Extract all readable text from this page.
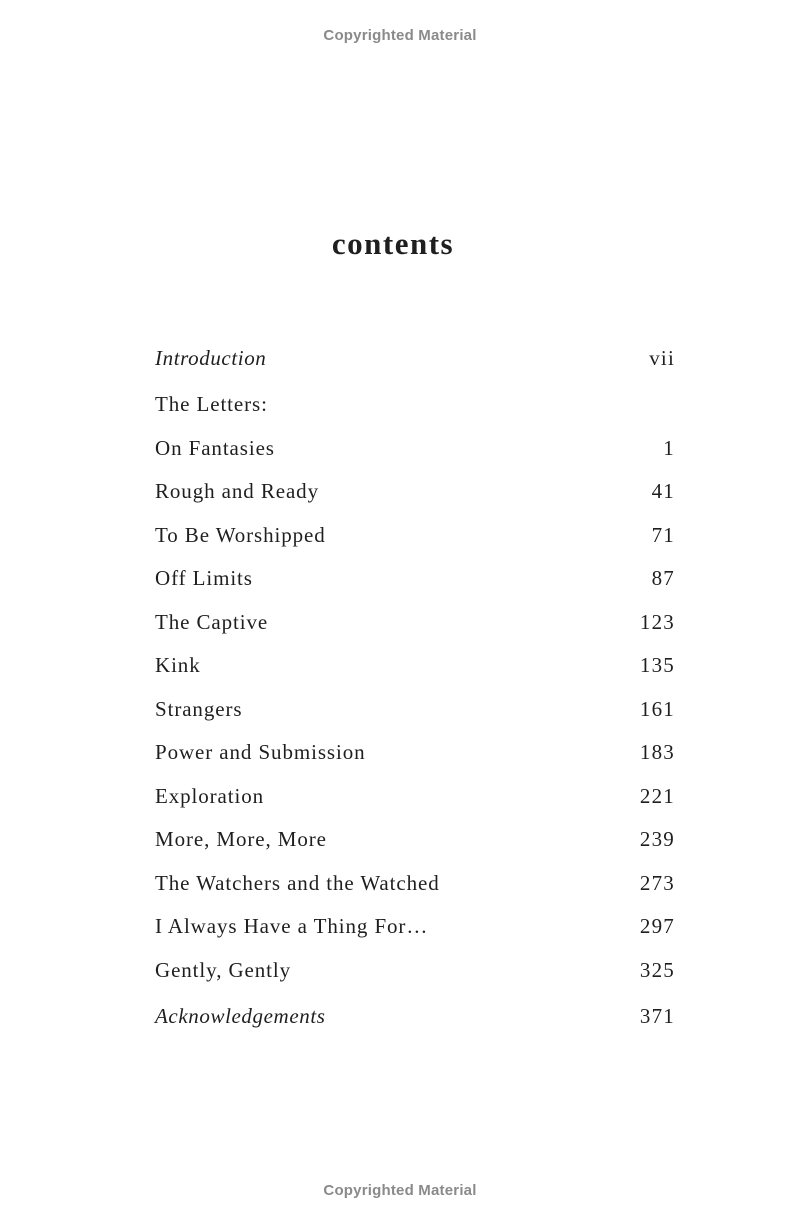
Copyrighted Material
contents
Introduction	vii
The Letters:
On Fantasies	1
Rough and Ready	41
To Be Worshipped	71
Off Limits	87
The Captive	123
Kink	135
Strangers	161
Power and Submission	183
Exploration	221
More, More, More	239
The Watchers and the Watched	273
I Always Have a Thing For…	297
Gently, Gently	325
Acknowledgements	371
Copyrighted Material
